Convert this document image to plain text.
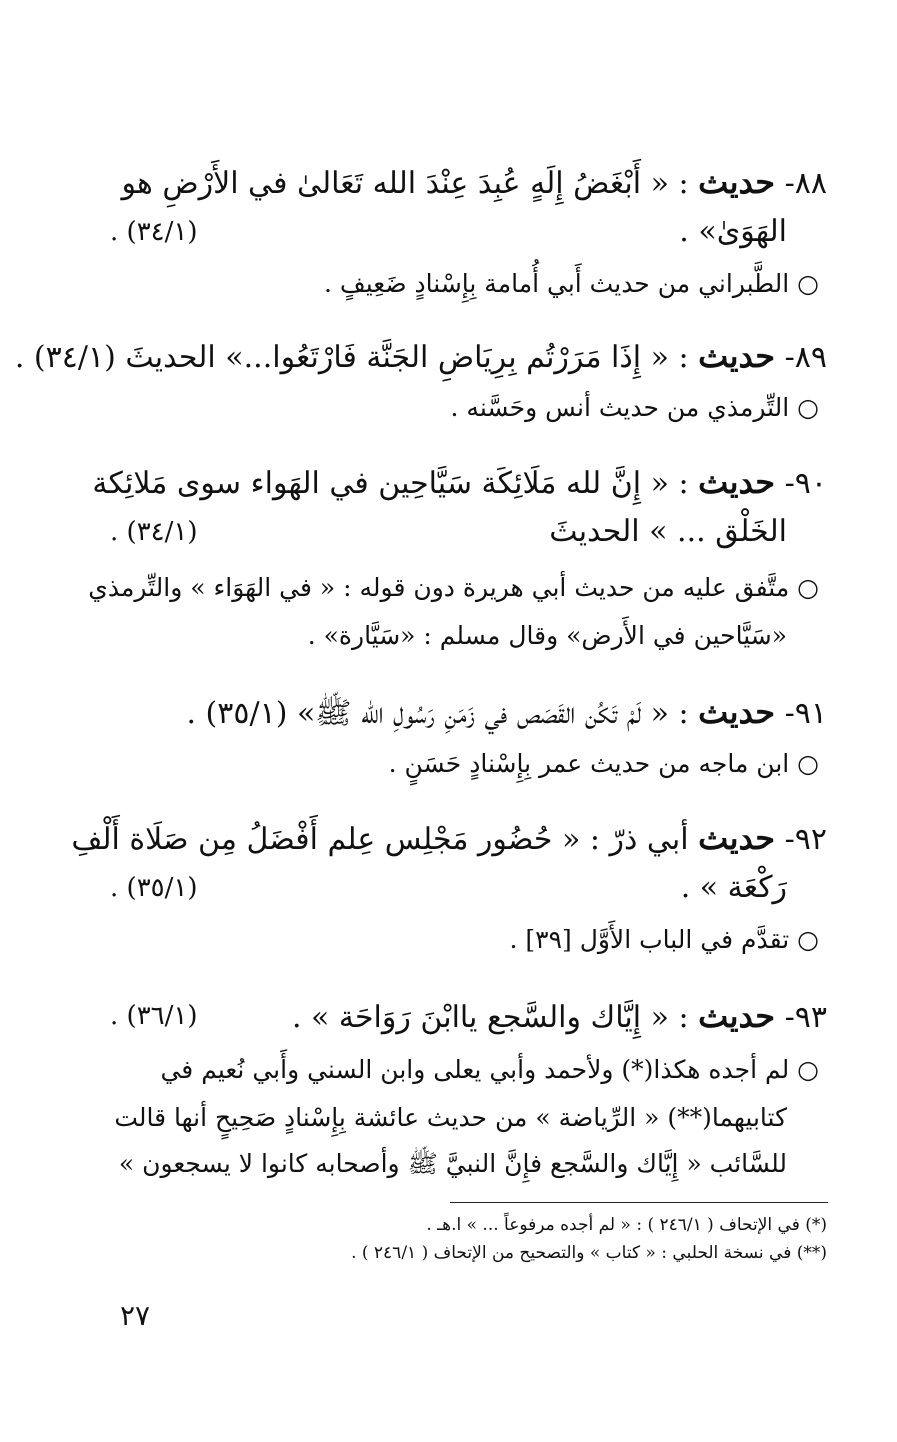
٨٨- حديث : « أَبْغَضُ إِلَهٍ عُبِدَ عِنْدَ الله تَعَالىٰ في الأَرْضِ هو
الهَوَىٰ» .
(٣٤/١) .
○ الطَّبراني من حديث أَبي أُمامة بِإِسْنادٍ ضَعِيفٍ .
٨٩- حديث : « إِذَا مَرَرْتُم بِرِيَاضِ الجَنَّة فَارْتَعُوا...» الحديثَ (٣٤/١) .
○ التِّرمذي من حديث أنس وحَسَّنه .
٩٠- حديث : « إِنَّ لله مَلَائِكَة سَيَّاحِين في الهَواء سوى مَلائِكة
الخَلْق ... » الحديثَ
(٣٤/١) .
○ متَّفق عليه من حديث أبي هريرة دون قوله : « في الهَوَاء » والتِّرمذي
«سَيَّاحين في الأَرض» وقال مسلم : «سَيَّارة» .
٩١- حديث : « لَمْ تَكُن القَصَص في زَمَنِ رَسُولِ الله ﷺ» (٣٥/١) .
○ ابن ماجه من حديث عمر بِإِسْنادٍ حَسَنٍ .
٩٢- حديث أبي ذرّ : « حُضُور مَجْلِس عِلم أَفْضَلُ مِن صَلَاة أَلْفِ
رَكْعَة » .
(٣٥/١) .
○ تقدَّم في الباب الأَوَّل [٣٩] .
٩٣- حديث : « إِيَّاك والسَّجع ياابْنَ رَوَاحَة » .
(٣٦/١) .
○ لم أجده هكذا(*) ولأحمد وأبي يعلى وابن السني وأَبي نُعيم في
كتابيهما(**) « الرِّياضة » من حديث عائشة بِإِسْنادٍ صَحِيحٍ أنها قالت
للسَّائب « إِيَّاك والسَّجع فإِنَّ النبيَّ ﷺ وأصحابه كانوا لا يسجعون »
(*) في الإتحاف ( ٢٤٦/١ ) : « لم أجده مرفوعاً ... » ا.هـ .
(**) في نسخة الحلبي : « كتاب » والتصحيح من الإتحاف ( ٢٤٦/١ ) .
٢٧
